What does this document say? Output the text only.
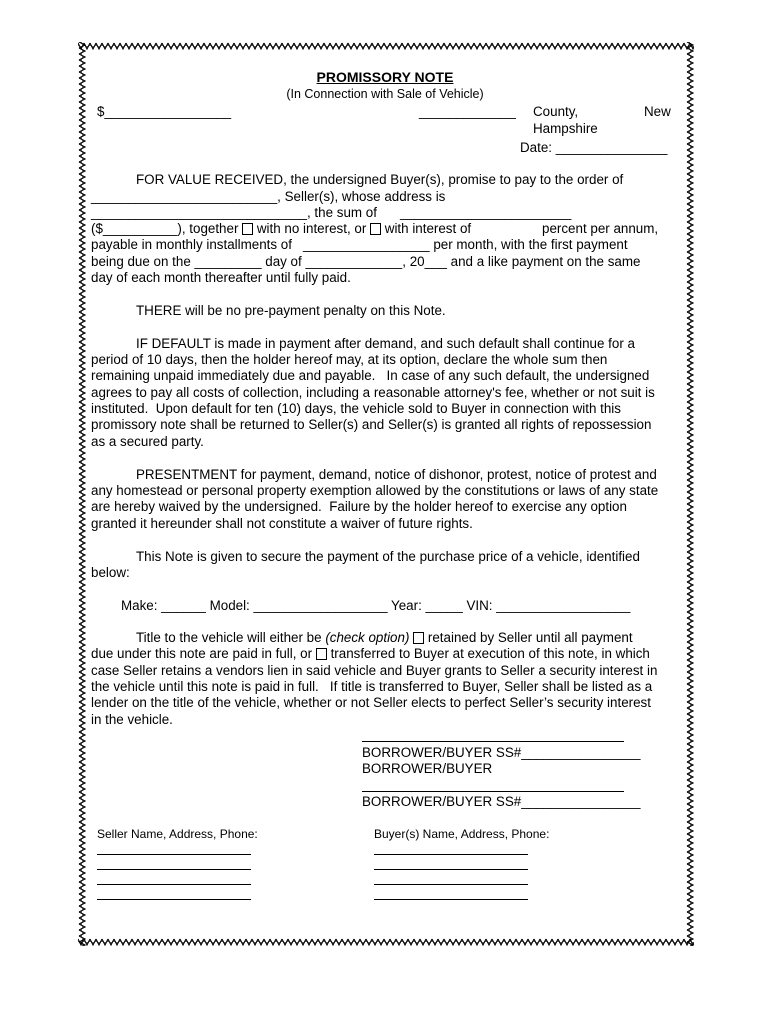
PROMISSORY NOTE
(In Connection with Sale of Vehicle)
$_________________	_____________ County,	New
Hampshire
Date: _______________
FOR VALUE RECEIVED, the undersigned Buyer(s), promise to pay to the order of
_________________________, Seller(s), whose address is
_____________________________, the sum of _______________________
($__________), together with no interest, or with interest of	percent per annum,
payable in monthly installments of _________________ per month, with the first payment
being due on the _________ day of _____________, 20___ and a like payment on the same
day of each month thereafter until fully paid.
THERE will be no pre-payment penalty on this Note.
IF DEFAULT is made in payment after demand, and such default shall continue for a
period of 10 days, then the holder hereof may, at its option, declare the whole sum then
remaining unpaid immediately due and payable.   In case of any such default, the undersigned
agrees to pay all costs of collection, including a reasonable attorney's fee, whether or not suit is
instituted.  Upon default for ten (10) days, the vehicle sold to Buyer in connection with this
promissory note shall be returned to Seller(s) and Seller(s) is granted all rights of repossession
as a secured party.
PRESENTMENT for payment, demand, notice of dishonor, protest, notice of protest and
any homestead or personal property exemption allowed by the constitutions or laws of any state
are hereby waived by the undersigned.  Failure by the holder hereof to exercise any option
granted it hereunder shall not constitute a waiver of future rights.
This Note is given to secure the payment of the purchase price of a vehicle, identified
below:
Make: ______ Model: __________________ Year: _____ VIN: __________________
Title to the vehicle will either be (check option) retained by Seller until all payment
due under this note are paid in full, or transferred to Buyer at execution of this note, in which
case Seller retains a vendors lien in said vehicle and Buyer grants to Seller a security interest in
the vehicle until this note is paid in full.   If title is transferred to Buyer, Seller shall be listed as a
lender on the title of the vehicle, whether or not Seller elects to perfect Seller’s security interest
in the vehicle.
BORROWER/BUYER SS#________________
BORROWER/BUYER
BORROWER/BUYER SS#________________
Seller Name, Address, Phone:	Buyer(s) Name, Address, Phone:
